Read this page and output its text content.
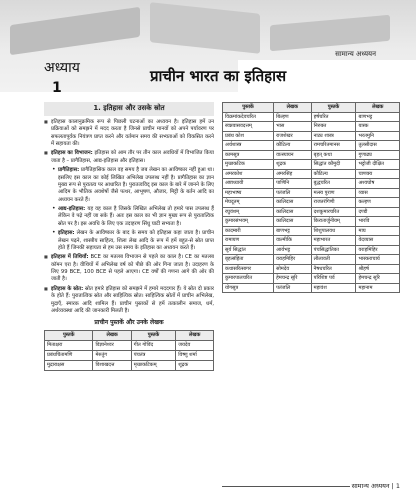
सामान्य अध्ययन
अध्याय
1
प्राचीन भारत का इतिहास
1. इतिहास और उसके स्रोत

■ इतिहास कालानुक्रमिक रूप से पिछली घटनाओं का अध्ययन है। इतिहास हमें उन प्रक्रियाओं को समझने में मदद करता है जिनसे प्राचीन मानवों को अपने पर्यावरण पर सफलतापूर्वक नियंत्रण प्राप्त करने और वर्तमान समय की सभ्यताओं को विकसित करने में सहायता की।

■ इतिहास का विभाजन: इतिहास को आम तौर पर तीन काल अवधियों में विभाजित किया जाता है – प्रागैतिहास, आद्य-इतिहास और इतिहास।

• प्रागैतिहास: प्रागैतिहासिक काल वह समय है जब लेखन का आविष्कार नहीं हुआ था। इसलिए इस काल का कोई लिखित अभिलेख उपलब्ध नहीं है। प्रागैतिहास का ज्ञान मुख्य रूप से पुरातत्व पर आधारित है। पुरातत्वविद् इस काल के बारे में जानने के लिए आदिम के भौतिक अवशेषों जैसे पत्थर, आभूषण, औजार, मिट्टी के बर्तन आदि का अध्ययन करते हैं।

• आद्य-इतिहास: यह वह काल है जिसके लिखित अभिलेख तो हमारे पास उपलब्ध हैं लेकिन वे पढ़े नहीं जा सके हैं। अतः इस काल का भी ज्ञान मुख्य रूप से पुरातात्विक स्रोत पर है। इस अवधि के लिए एक उदाहरण सिंधु घाटी सभ्यता है।

• इतिहास: लेखन के आविष्कार के बाद के समय को इतिहास कहा जाता है। प्राचीन लेखन पढ़ने, शास्त्रीय साहित्य, शिला लेख आदि के रूप में हमें बहुत-से स्रोत प्राप्त होते हैं जिनकी सहायता से हम उस समय के इतिहास का अध्ययन करते हैं।

■ इतिहास में तिथियाँ: BCE का मतलब विभाजन से पहले का काल है। CE का मतलब कॉमन एरा है। वीथियों में अभिलेख वर्ष को पीछे की ओर गिना जाता है। उदाहरण के लिए 99 BCE, 100 BCE से पहले आएगा। CE वर्षों की गणना आगे की ओर की जाती है।

■ इतिहास के स्रोत: स्रोत हमारे इतिहास को समझने में हमारे मददगार हैं। ये स्रोत दो प्रकार के होते हैं: पुरातात्विक स्रोत और साहित्यिक स्रोत। साहित्यिक स्रोतों में प्राचीन अभिलेख, मुद्राएँ, स्मारक आदि शामिल हैं। प्राचीन पुस्तकों से हमें तत्कालीन समाज, धर्म, अर्थव्यवस्था आदि की जानकारी मिलती है।

प्राचीन पुस्तकें और उनके लेखक
पुस्तकें	लेखक	पुस्तकें	लेखक
मिताक्षरा	विज्ञानेश्वर	गीत गोविंद	जयदेव
प्रबंधचिंतामणि	मेरुतुंग	पंचतंत्र	विष्णु शर्मा
मुद्राराक्षस	विशाखदत्त	मृच्छकटिकम्	शूद्रक
पुस्तकें	लेखक	पुस्तकें	लेखक
विक्रमांकदेवचरित	बिल्हण	हर्षचरित	बाणभट्ट
स्वप्नवासवदत्तम्	भास	निरुक्त	यास्क
प्रबंध कोश	राजशेखर	नाट्य शास्त्र	भरतमुनि
अर्थशास्त्र	कौटिल्य	रामचरितमानस	तुलसीदास
कामसूत्र	वात्स्यायन	बृहत् कथा	गुणाढ्य
मुच्छकटिक	शूद्रक	सिद्धांत कौमुदी	भट्टोजी दीक्षित
अमरकोश	अमरसिंह	कौटिल्य	चाणक्य
अष्टाध्यायी	पाणिनि	बुद्धचरित	अश्वघोष
महाभाष्य	पतंजलि	मत्स्य पुराण	व्यास
मेघदूतम्	कालिदास	राजतरंगिणी	कल्हण
रघुवंशम्	कालिदास	दशकुमारचरित	दण्डी
कुमारसंभवम्	कालिदास	किरातार्जुनीयम्	भारवि
कादम्बरी	बाणभट्ट	शिशुपालवध	माघ
रामायण	वाल्मीकि	महाभारत	वेदव्यास
सूर्य सिद्धांत	आर्यभट्ट	पंचसिद्धांतिका	वराहमिहिर
बृहत्संहिता	वराहमिहिर	लीलावती	भास्कराचार्य
कथासरित्सागर	सोमदेव	नैषधचरित	श्रीहर्ष
कुमारपालचरित	हेमचन्द्र सूरि	परिशिष्ट पर्व	हेमचन्द्र सूरि
योगसूत्र	पतंजलि	महावंश	महानाम
सामान्य अध्ययन | 1
